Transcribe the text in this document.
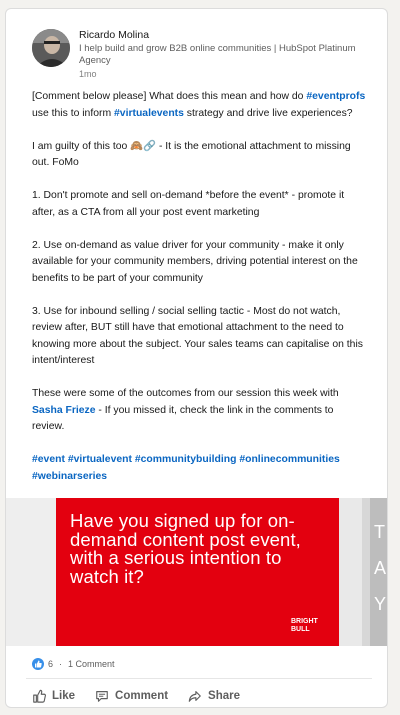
Ricardo Molina
I help build and grow B2B online communities | HubSpot Platinum Agency
1mo

[Comment below please] What does this mean and how do #eventprofs use this to inform #virtualevents strategy and drive live experiences?

I am guilty of this too 🙈🔗 - It is the emotional attachment to missing out. FoMo

1. Don't promote and sell on-demand *before the event* - promote it after, as a CTA from all your post event marketing

2. Use on-demand as value driver for your community - make it only available for your community members, driving potential interest on the benefits to be part of your community

3. Use for inbound selling / social selling tactic - Most do not watch, review after, BUT still have that emotional attachment to the need to knowing more about the subject. Your sales teams can capitalise on this intent/interest

These were some of the outcomes from our session this week with Sasha Frieze - If you missed it, check the link in the comments to review.

#event #virtualevent #communitybuilding #onlinecommunities #webinarseries

Have you signed up for on-demand content post event, with a serious intention to watch it?
BRIGHT
BULL
T
A
Y
6 · 1 Comment
Like	Comment	Share
